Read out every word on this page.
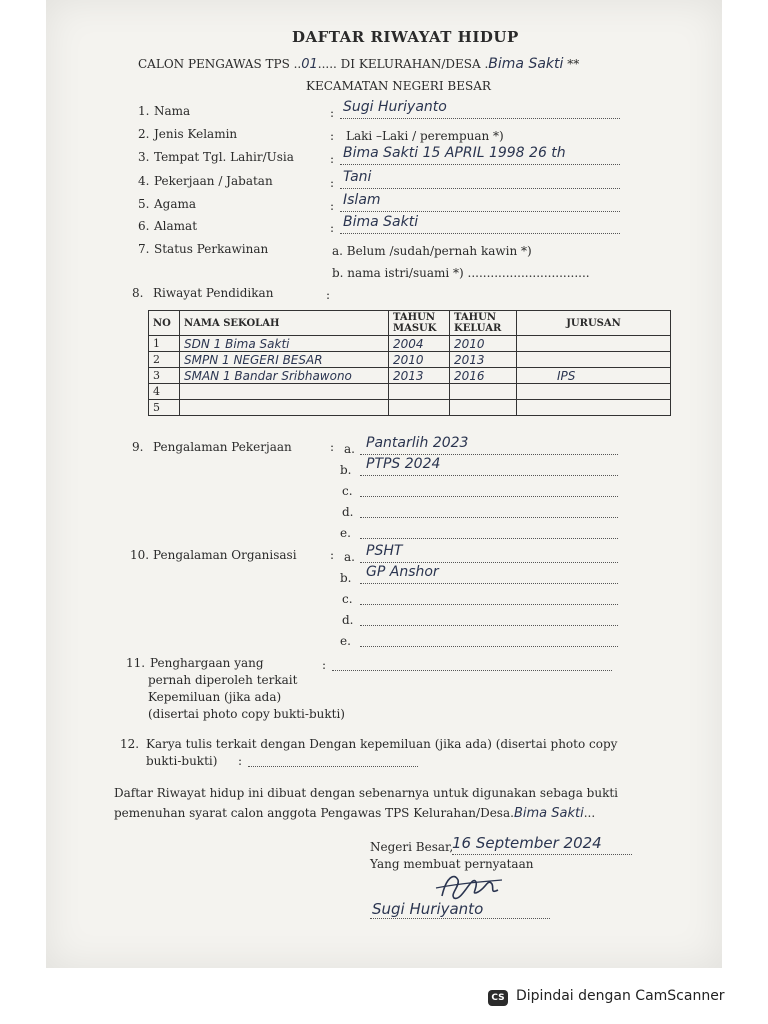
DAFTAR RIWAYAT HIDUP
CALON PENGAWAS TPS ..01..... DI KELURAHAN/DESA .Bima Sakti **
KECAMATAN NEGERI BESAR
1. Nama	: Sugi Huriyanto
2. Jenis Kelamin	: Laki –Laki / perempuan *)
3. Tempat Tgl. Lahir/Usia	: Bima Sakti 15 APRIL 1998 26 th
4. Pekerjaan / Jabatan	: Tani
5. Agama	: Islam
6. Alamat	: Bima Sakti
7. Status Perkawinan	a. Belum /sudah/pernah kawin *)
b. nama istri/suami *) ................................
8. Riwayat Pendidikan	:
NO	NAMA SEKOLAH	TAHUN MASUK	TAHUN KELUAR	JURUSAN
1	SDN 1 Bima Sakti	2004	2010	
2	SMPN 1 NEGERI BESAR	2010	2013	
3	SMAN 1 Bandar Sribhawono	2013	2016	IPS
4				
5				
9. Pengalaman Pekerjaan	: a. Pantarlih 2023
b. PTPS 2024
c.
d.
e.
10. Pengalaman Organisasi	: a. PSHT
b. GP Anshor
c.
d.
e.
11. Penghargaan yang
pernah diperoleh terkait
Kepemiluan (jika ada)
(disertai photo copy bukti-bukti)
:
12. Karya tulis terkait dengan Dengan kepemiluan (jika ada) (disertai photo copy
bukti-bukti) :
Daftar Riwayat hidup ini dibuat dengan sebenarnya untuk digunakan sebaga bukti
pemenuhan syarat calon anggota Pengawas TPS Kelurahan/Desa.Bima Sakti...
Negeri Besar,
16 September 2024
Yang membuat pernyataan
Sugi Huriyanto
CS Dipindai dengan CamScanner
